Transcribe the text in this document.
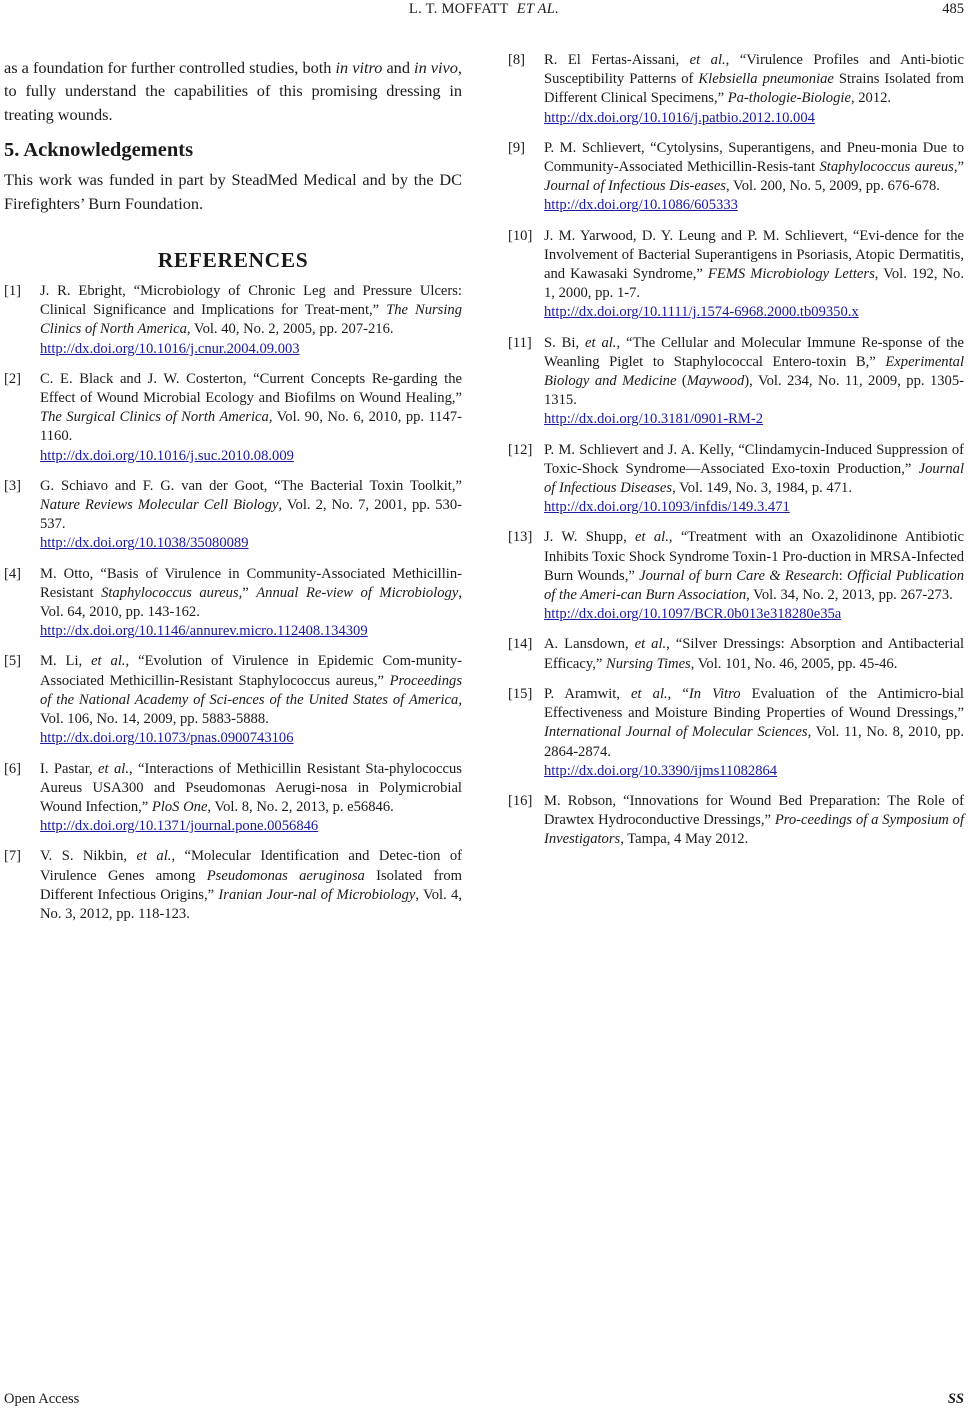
L. T. MOFFATT ET AL.	485

as a foundation for further controlled studies, both in vitro and in vivo, to fully understand the capabilities of this promising dressing in treating wounds.

5. Acknowledgements

This work was funded in part by SteadMed Medical and by the DC Firefighters’ Burn Foundation.

REFERENCES
[1] J. R. Ebright, “Microbiology of Chronic Leg and Pressure Ulcers: Clinical Significance and Implications for Treat-ment,” The Nursing Clinics of North America, Vol. 40, No. 2, 2005, pp. 207-216.
http://dx.doi.org/10.1016/j.cnur.2004.09.003
[2] C. E. Black and J. W. Costerton, “Current Concepts Re-garding the Effect of Wound Microbial Ecology and Biofilms on Wound Healing,” The Surgical Clinics of North America, Vol. 90, No. 6, 2010, pp. 1147-1160.
http://dx.doi.org/10.1016/j.suc.2010.08.009
[3] G. Schiavo and F. G. van der Goot, “The Bacterial Toxin Toolkit,” Nature Reviews Molecular Cell Biology, Vol. 2, No. 7, 2001, pp. 530-537.
http://dx.doi.org/10.1038/35080089
[4] M. Otto, “Basis of Virulence in Community-Associated Methicillin-Resistant Staphylococcus aureus,” Annual Re-view of Microbiology, Vol. 64, 2010, pp. 143-162.
http://dx.doi.org/10.1146/annurev.micro.112408.134309
[5] M. Li, et al., “Evolution of Virulence in Epidemic Com-munity-Associated Methicillin-Resistant Staphylococcus aureus,” Proceedings of the National Academy of Sci-ences of the United States of America, Vol. 106, No. 14, 2009, pp. 5883-5888.
http://dx.doi.org/10.1073/pnas.0900743106
[6] I. Pastar, et al., “Interactions of Methicillin Resistant Sta-phylococcus Aureus USA300 and Pseudomonas Aerugi-nosa in Polymicrobial Wound Infection,” PloS One, Vol. 8, No. 2, 2013, p. e56846.
http://dx.doi.org/10.1371/journal.pone.0056846
[7] V. S. Nikbin, et al., “Molecular Identification and Detec-tion of Virulence Genes among Pseudomonas aeruginosa Isolated from Different Infectious Origins,” Iranian Jour-nal of Microbiology, Vol. 4, No. 3, 2012, pp. 118-123.
[8] R. El Fertas-Aissani, et al., “Virulence Profiles and Anti-biotic Susceptibility Patterns of Klebsiella pneumoniae Strains Isolated from Different Clinical Specimens,” Pa-thologie-Biologie, 2012.
http://dx.doi.org/10.1016/j.patbio.2012.10.004
[9] P. M. Schlievert, “Cytolysins, Superantigens, and Pneu-monia Due to Community-Associated Methicillin-Resis-tant Staphylococcus aureus,” Journal of Infectious Dis-eases, Vol. 200, No. 5, 2009, pp. 676-678.
http://dx.doi.org/10.1086/605333
[10] J. M. Yarwood, D. Y. Leung and P. M. Schlievert, “Evi-dence for the Involvement of Bacterial Superantigens in Psoriasis, Atopic Dermatitis, and Kawasaki Syndrome,” FEMS Microbiology Letters, Vol. 192, No. 1, 2000, pp. 1-7.
http://dx.doi.org/10.1111/j.1574-6968.2000.tb09350.x
[11] S. Bi, et al., “The Cellular and Molecular Immune Re-sponse of the Weanling Piglet to Staphylococcal Entero-toxin B,” Experimental Biology and Medicine (Maywood), Vol. 234, No. 11, 2009, pp. 1305-1315.
http://dx.doi.org/10.3181/0901-RM-2
[12] P. M. Schlievert and J. A. Kelly, “Clindamycin-Induced Suppression of Toxic-Shock Syndrome—Associated Exo-toxin Production,” Journal of Infectious Diseases, Vol. 149, No. 3, 1984, p. 471.
http://dx.doi.org/10.1093/infdis/149.3.471
[13] J. W. Shupp, et al., “Treatment with an Oxazolidinone Antibiotic Inhibits Toxic Shock Syndrome Toxin-1 Pro-duction in MRSA-Infected Burn Wounds,” Journal of burn Care & Research: Official Publication of the Ameri-can Burn Association, Vol. 34, No. 2, 2013, pp. 267-273.
http://dx.doi.org/10.1097/BCR.0b013e318280e35a
[14] A. Lansdown, et al., “Silver Dressings: Absorption and Antibacterial Efficacy,” Nursing Times, Vol. 101, No. 46, 2005, pp. 45-46.
[15] P. Aramwit, et al., “In Vitro Evaluation of the Antimicro-bial Effectiveness and Moisture Binding Properties of Wound Dressings,” International Journal of Molecular Sciences, Vol. 11, No. 8, 2010, pp. 2864-2874.
http://dx.doi.org/10.3390/ijms11082864
[16] M. Robson, “Innovations for Wound Bed Preparation: The Role of Drawtex Hydroconductive Dressings,” Pro-ceedings of a Symposium of Investigators, Tampa, 4 May 2012.
Open Access	SS
